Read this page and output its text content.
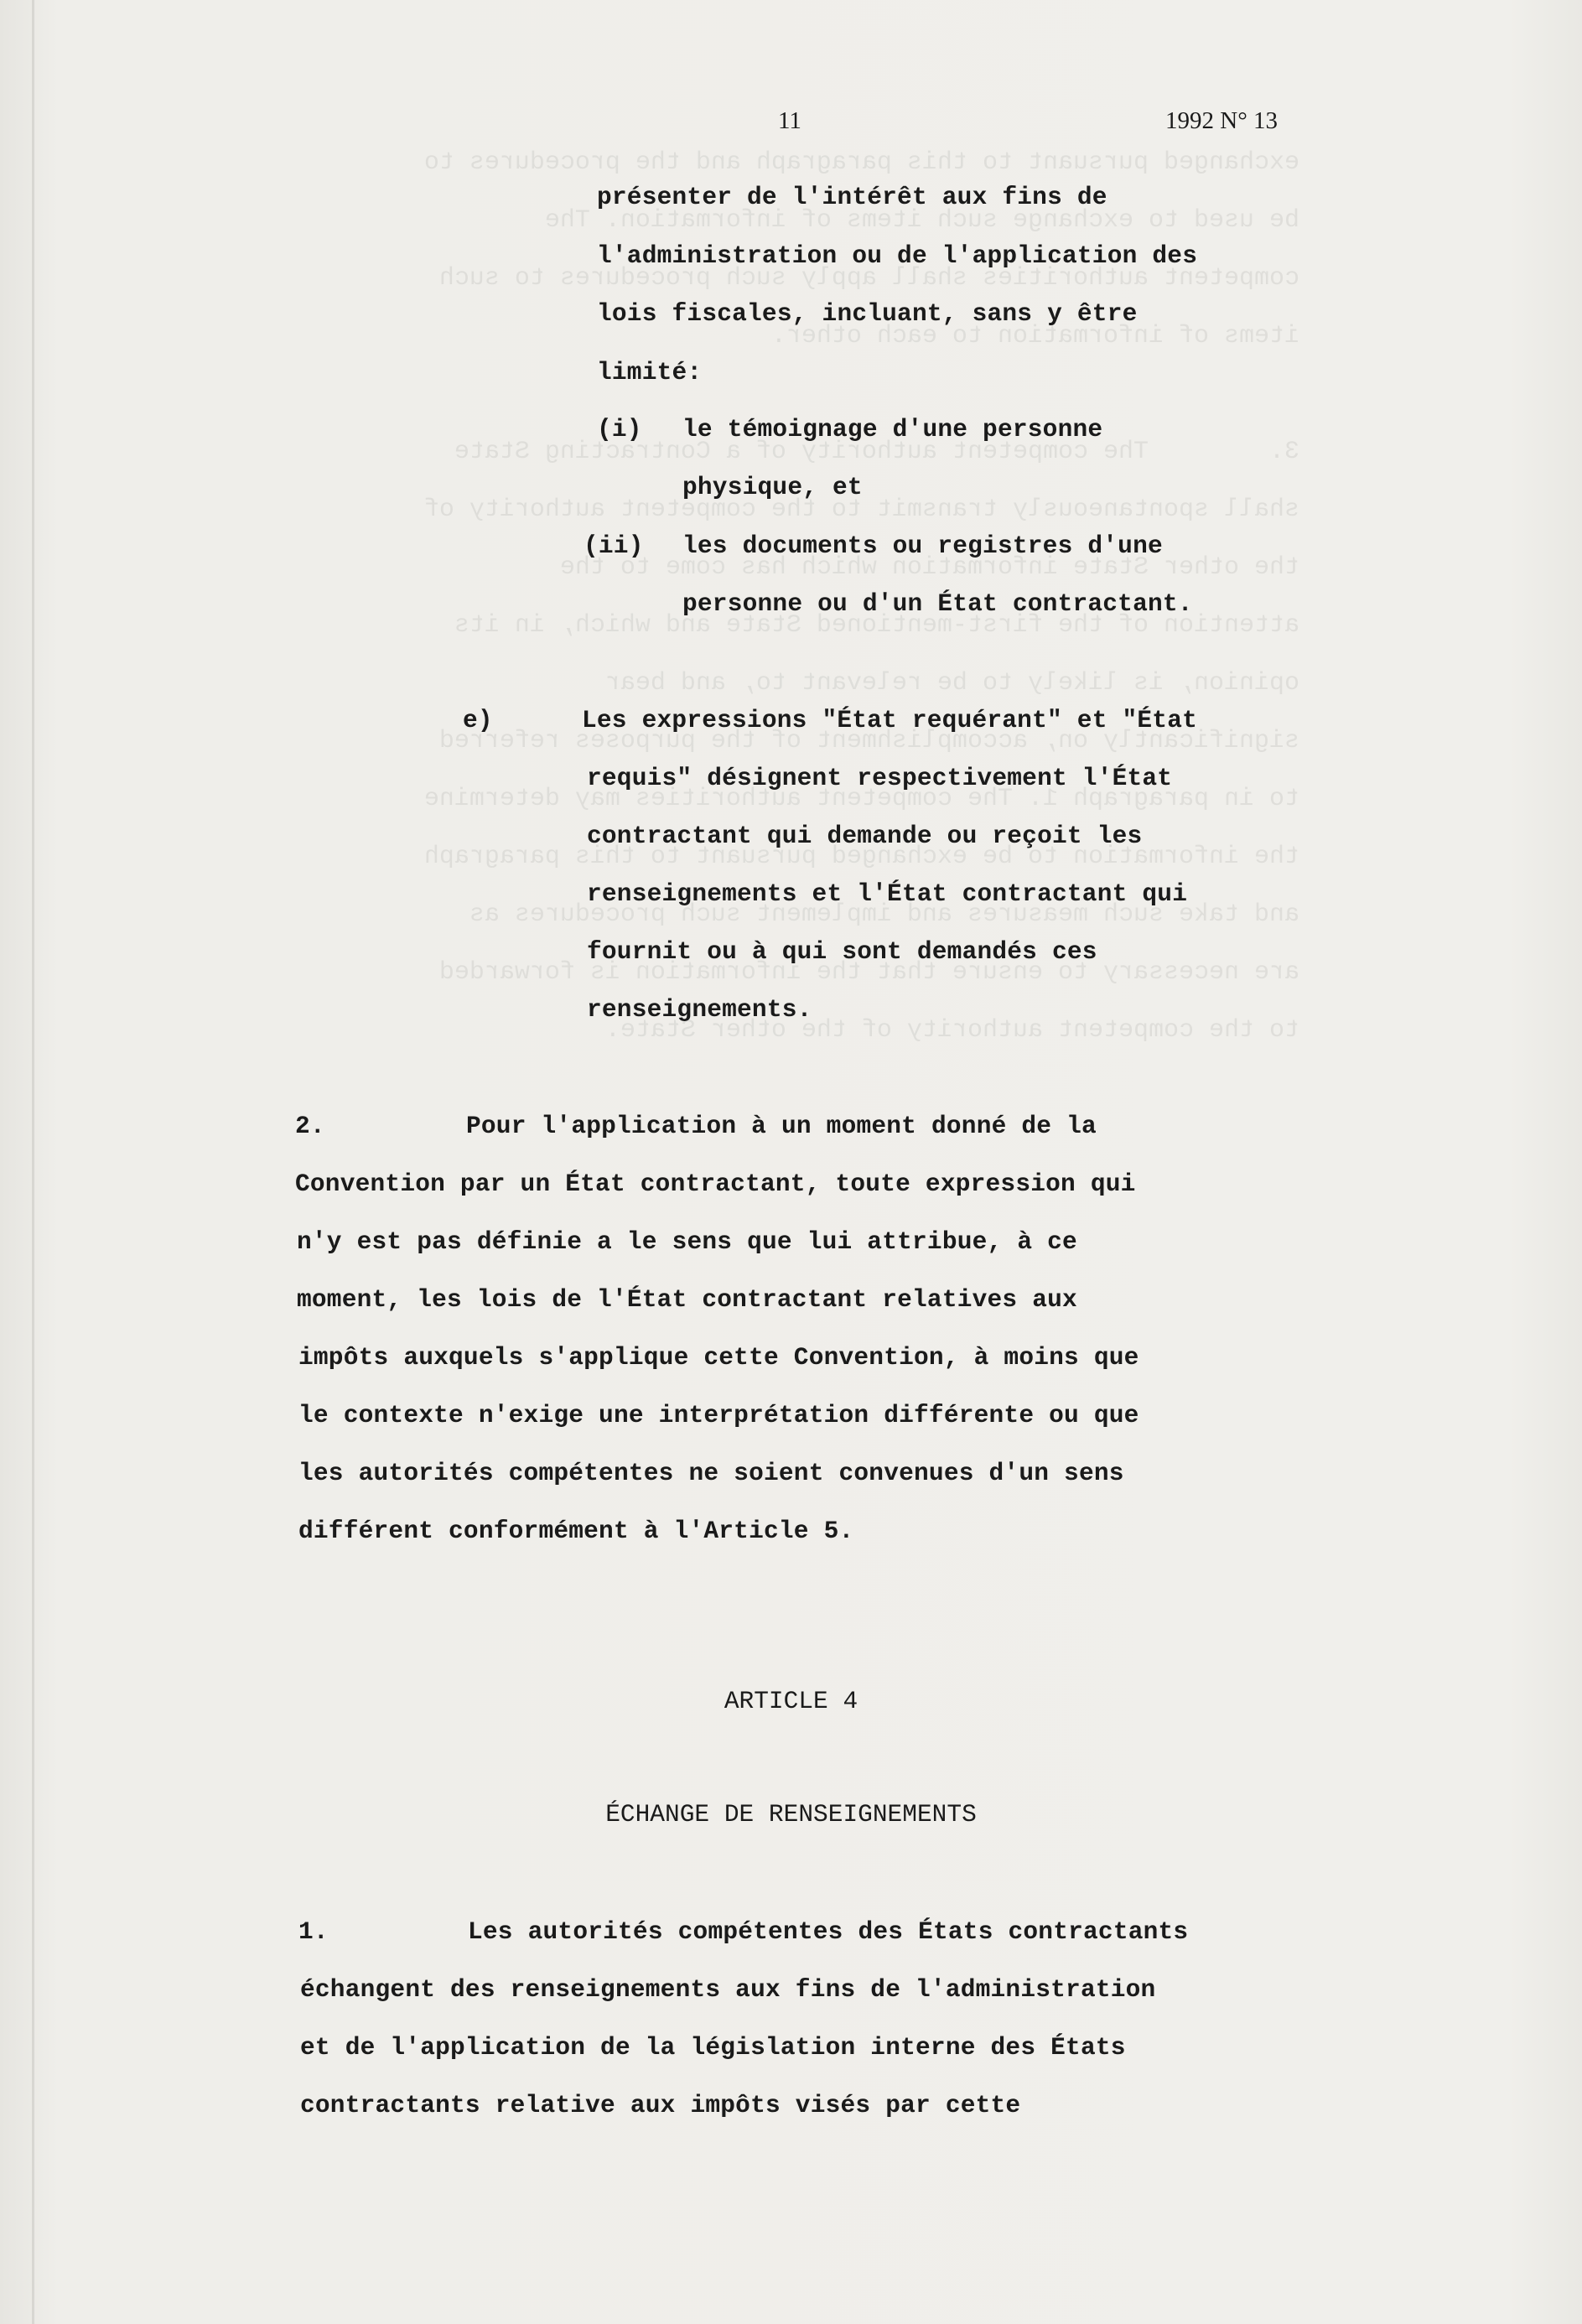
exchanged pursuant to this paragraph and the procedures to
be used to exchange such items of information. The
competent authorities shall apply such procedures to such
items of information to each other.

3.        The competent authority of a Contracting State
shall spontaneously transmit to the competent authority of
the other State information which has come to the
attention of the first-mentioned State and which, in its
opinion, is likely to be relevant to, and bear
significantly on, accomplishment of the purposes referred
to in paragraph 1. The competent authorities may determine
the information to be exchanged pursuant to this paragraph
and take such measures and implement such procedures as
are necessary to ensure that the information is forwarded
to the competent authority of the other State.
11	1992 N° 13
présenter de l'intérêt aux fins de
l'administration ou de l'application des
lois fiscales, incluant, sans y être
limité:
(i) le témoignage d'une personne
physique, et
(ii) les documents ou registres d'une
personne ou d'un État contractant.
e)	Les expressions "État requérant" et "État
requis" désignent respectivement l'État
contractant qui demande ou reçoit les
renseignements et l'État contractant qui
fournit ou à qui sont demandés ces
renseignements.
2.	Pour l'application à un moment donné de la
Convention par un État contractant, toute expression qui
n'y est pas définie a le sens que lui attribue, à ce
moment, les lois de l'État contractant relatives aux
impôts auxquels s'applique cette Convention, à moins que
le contexte n'exige une interprétation différente ou que
les autorités compétentes ne soient convenues d'un sens
différent conformément à l'Article 5.
ARTICLE 4
ÉCHANGE DE RENSEIGNEMENTS
1.	Les autorités compétentes des États contractants
échangent des renseignements aux fins de l'administration
et de l'application de la législation interne des États
contractants relative aux impôts visés par cette
